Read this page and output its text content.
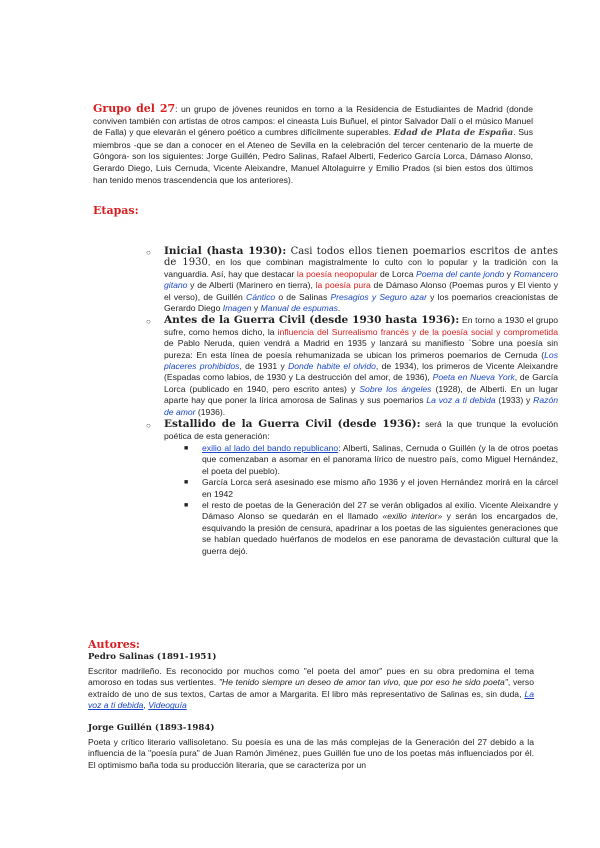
Grupo del 27: un grupo de jóvenes reunidos en torno a la Residencia de Estudiantes de Madrid (donde conviven también con artistas de otros campos: el cineasta Luis Buñuel, el pintor Salvador Dalí o el músico Manuel de Falla) y que elevarán el género poético a cumbres difícilmente superables. Edad de Plata de España. Sus miembros -que se dan a conocer en el Ateneo de Sevilla en la celebración del tercer centenario de la muerte de Góngora- son los siguientes: Jorge Guillén, Pedro Salinas, Rafael Alberti, Federico García Lorca, Dámaso Alonso, Gerardo Diego, Luis Cernuda, Vicente Aleixandre, Manuel Altolaguirre y Emilio Prados (si bien estos dos últimos han tenido menos trascendencia que los anteriores).
Etapas:
○ Inicial (hasta 1930): Casi todos ellos tienen poemarios escritos de antes de 1930, en los que combinan magistralmente lo culto con lo popular y la tradición con la vanguardia. Así, hay que destacar la poesía neopopular de Lorca Poema del cante jondo y Romancero gitano y de Alberti (Marinero en tierra), la poesía pura de Dámaso Alonso (Poemas puros y El viento y el verso), de Guillén Cántico o de Salinas Presagios y Seguro azar y los poemarios creacionistas de Gerardo Diego Imagen y Manual de espumas.
○ Antes de la Guerra Civil (desde 1930 hasta 1936): En torno a 1930 el grupo sufre, como hemos dicho, la influencia del Surrealismo francés y de la poesía social y comprometida de Pablo Neruda, quien vendrá a Madrid en 1935 y lanzará su manifiesto `Sobre una poesía sin pureza: En esta línea de poesía rehumanizada se ubican los primeros poemarios de Cernuda (Los placeres prohibidos, de 1931 y Donde habite el olvido, de 1934), los primeros de Vicente Aleixandre (Espadas como labios, de 1930 y La destrucción del amor, de 1936), Poeta en Nueva York, de García Lorca (publicado en 1940, pero escrito antes) y Sobre los ángeles (1928), de Alberti. En un lugar aparte hay que poner la lírica amorosa de Salinas y sus poemarios La voz a ti debida (1933) y Razón de amor (1936).
○ Estallido de la Guerra Civil (desde 1936): será la que trunque la evolución poética de esta generación:
■ exilio al lado del bando republicano: Alberti, Salinas, Cernuda o Guillén (y la de otros poetas que comenzaban a asomar en el panorama lírico de nuestro país, como Miguel Hernández, el poeta del pueblo).
■ García Lorca será asesinado ese mismo año 1936 y el joven Hernández morirá en la cárcel en 1942
■ el resto de poetas de la Generación del 27 se verán obligados al exilio. Vicente Aleixandre y Dámaso Alonso se quedarán en el llamado «exilio interior» y serán los encargados de, esquivando la presión de censura, apadrinar a los poetas de las siguientes generaciones que se habían quedado huérfanos de modelos en ese panorama de devastación cultural que la guerra dejó.
Autores:
Pedro Salinas (1891-1951)
Escritor madrileño. Es reconocido por muchos como "el poeta del amor" pues en su obra predomina el tema amoroso en todas sus vertientes. "He tenido siempre un deseo de amor tan vivo, que por eso he sido poeta", verso extraído de uno de sus textos, Cartas de amor a Margarita. El libro más representativo de Salinas es, sin duda, La voz a ti debida, Videoguía
Jorge Guillén (1893-1984)
Poeta y crítico literario vallisoletano. Su poesía es una de las más complejas de la Generación del 27 debido a la influencia de la "poesía pura" de Juan Ramón Jiménez, pues Guillén fue uno de los poetas más influenciados por él. El optimismo baña toda su producción literaria, que se caracteriza por un
